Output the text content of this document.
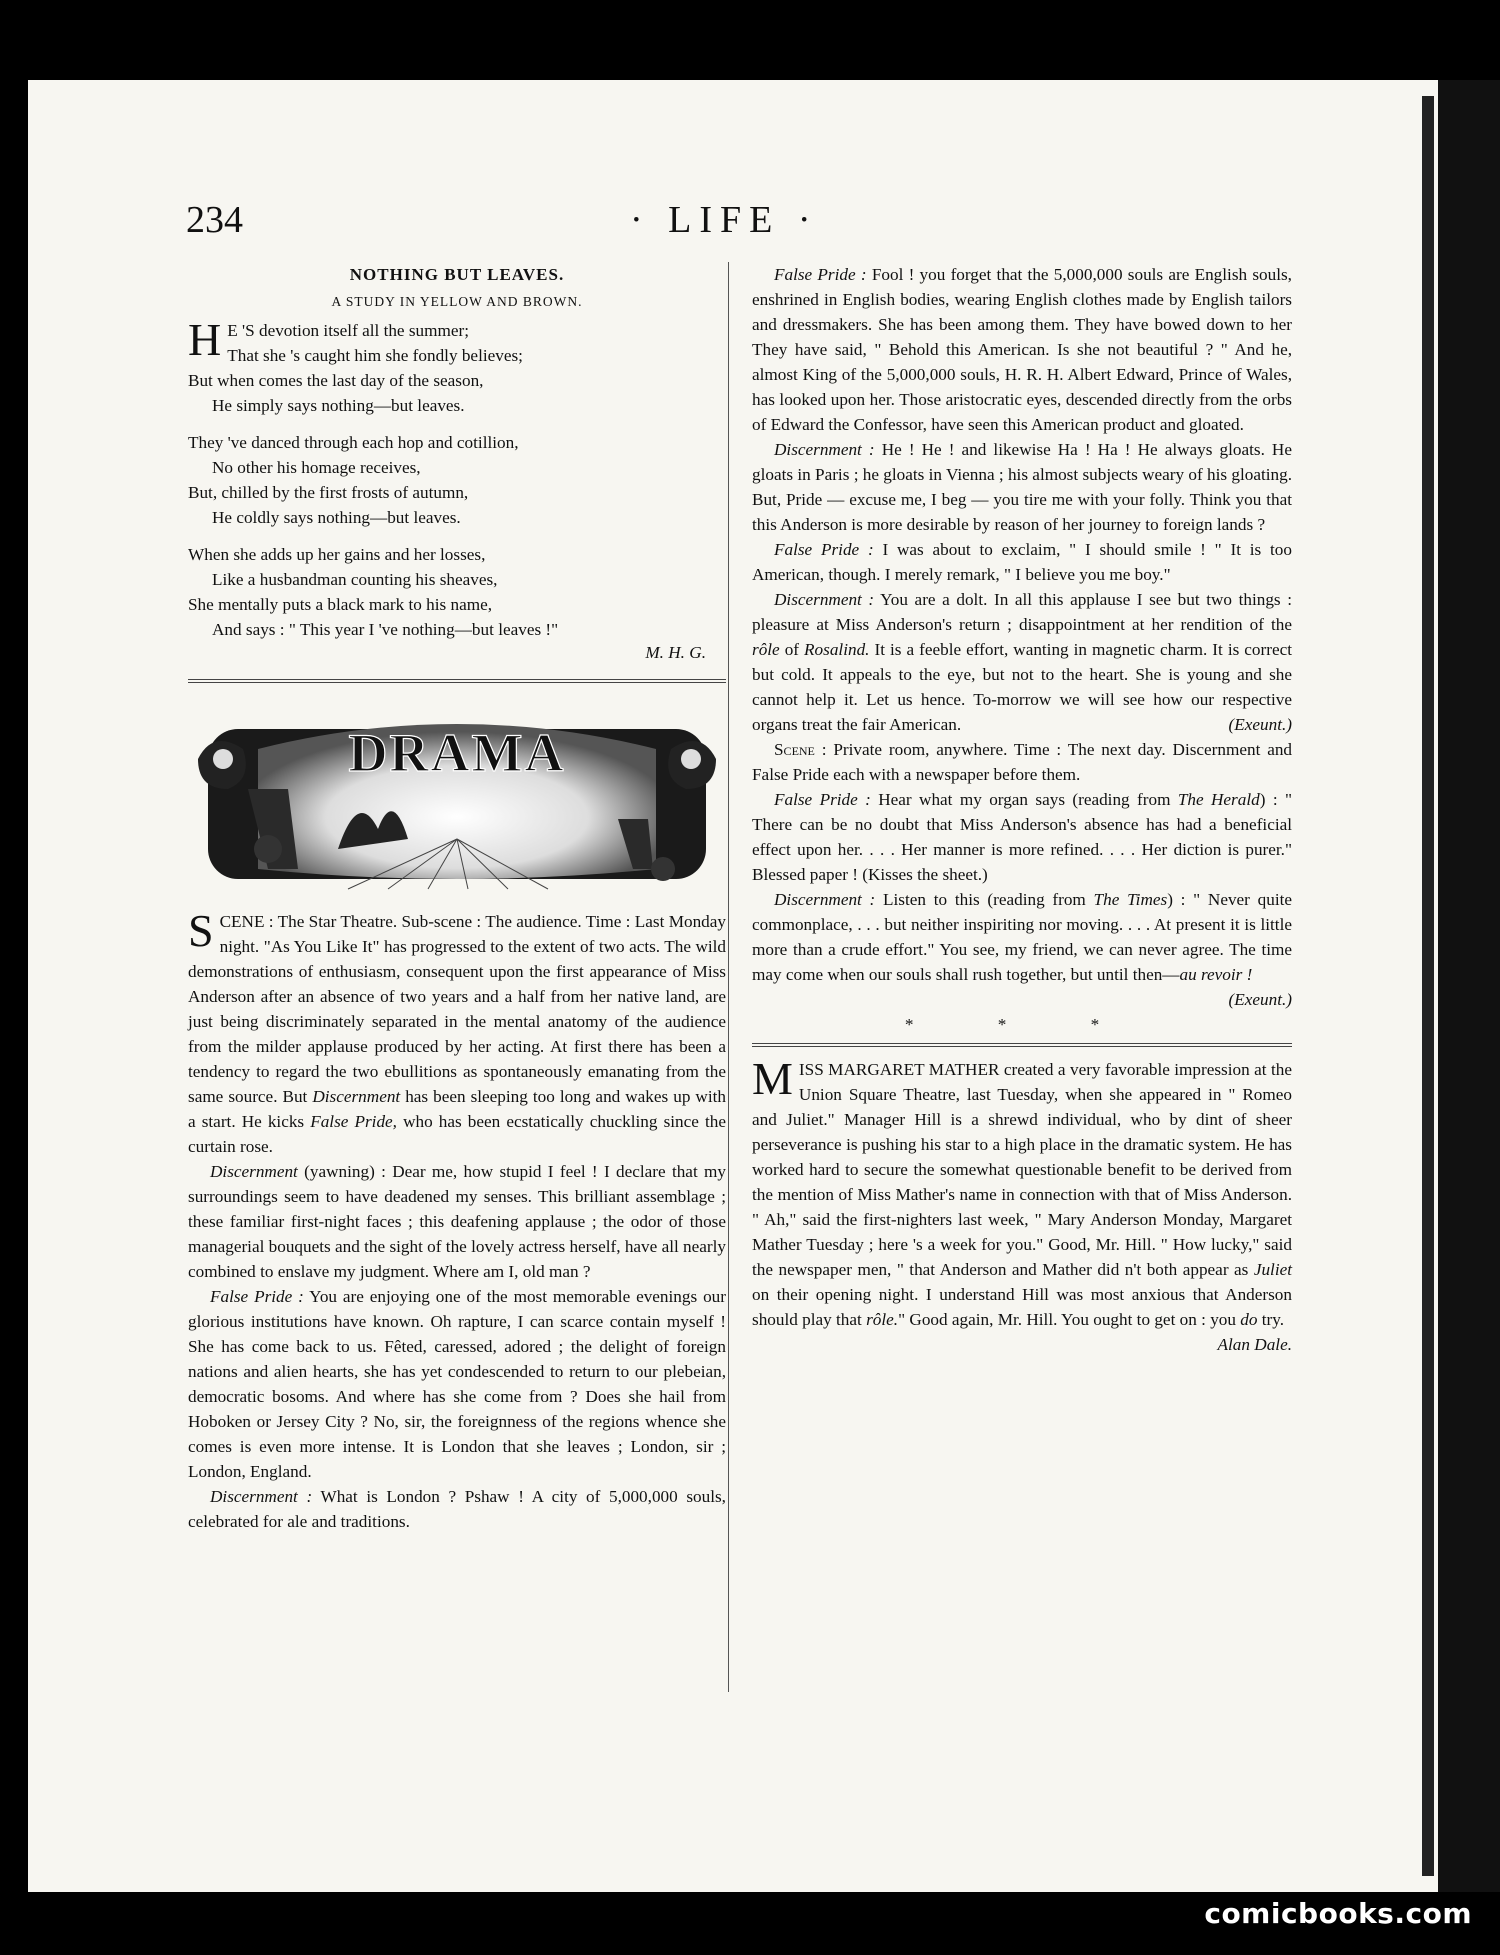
comicbooks.com
234	· LIFE ·
NOTHING BUT LEAVES.
A STUDY IN YELLOW AND BROWN.
H E 'S devotion itself all the summer;
That she 's caught him she fondly believes;
But when comes the last day of the season,
He simply says nothing—but leaves.
They 've danced through each hop and cotillion,
No other his homage receives,
But, chilled by the first frosts of autumn,
He coldly says nothing—but leaves.
When she adds up her gains and her losses,
Like a husbandman counting his sheaves,
She mentally puts a black mark to his name,
And says : " This year I 've nothing—but leaves !"
M. H. G.
DRAMA

SCENE : The Star Theatre. Sub-scene : The audience. Time : Last Monday night. "As You Like It" has progressed to the extent of two acts. The wild demonstrations of enthusiasm, consequent upon the first appearance of Miss Anderson after an absence of two years and a half from her native land, are just being discriminately separated in the mental anatomy of the audience from the milder applause produced by her acting. At first there has been a tendency to regard the two ebullitions as spontaneously emanating from the same source. But Discernment has been sleeping too long and wakes up with a start. He kicks False Pride, who has been ecstatically chuckling since the curtain rose.

Discernment (yawning) : Dear me, how stupid I feel ! I declare that my surroundings seem to have deadened my senses. This brilliant assemblage ; these familiar first-night faces ; this deafening applause ; the odor of those managerial bouquets and the sight of the lovely actress herself, have all nearly combined to enslave my judgment. Where am I, old man ?

False Pride : You are enjoying one of the most memorable evenings our glorious institutions have known. Oh rapture, I can scarce contain myself ! She has come back to us. Fêted, caressed, adored ; the delight of foreign nations and alien hearts, she has yet condescended to return to our plebeian, democratic bosoms. And where has she come from ? Does she hail from Hoboken or Jersey City ? No, sir, the foreignness of the regions whence she comes is even more intense. It is London that she leaves ; London, sir ; London, England.

Discernment : What is London ? Pshaw ! A city of 5,000,000 souls, celebrated for ale and traditions.

False Pride : Fool ! you forget that the 5,000,000 souls are English souls, enshrined in English bodies, wearing English clothes made by English tailors and dressmakers. She has been among them. They have bowed down to her They have said, " Behold this American. Is she not beautiful ? " And he, almost King of the 5,000,000 souls, H. R. H. Albert Edward, Prince of Wales, has looked upon her. Those aristocratic eyes, descended directly from the orbs of Edward the Confessor, have seen this American product and gloated.

Discernment : He ! He ! and likewise Ha ! Ha ! He always gloats. He gloats in Paris ; he gloats in Vienna ; his almost subjects weary of his gloating. But, Pride — excuse me, I beg — you tire me with your folly. Think you that this Anderson is more desirable by reason of her journey to foreign lands ?

False Pride : I was about to exclaim, " I should smile ! " It is too American, though. I merely remark, " I believe you me boy."

Discernment : You are a dolt. In all this applause I see but two things : pleasure at Miss Anderson's return ; disappointment at her rendition of the rôle of Rosalind. It is a feeble effort, wanting in magnetic charm. It is correct but cold. It appeals to the eye, but not to the heart. She is young and she cannot help it. Let us hence. To-morrow we will see how our respective organs treat the fair American.	(Exeunt.)

Scene : Private room, anywhere. Time : The next day. Discernment and False Pride each with a newspaper before them.

False Pride : Hear what my organ says (reading from The Herald) : " There can be no doubt that Miss Anderson's absence has had a beneficial effect upon her. . . . Her manner is more refined. . . . Her diction is purer." Blessed paper ! (Kisses the sheet.)

Discernment : Listen to this (reading from The Times) : " Never quite commonplace, . . . but neither inspiriting nor moving. . . . At present it is little more than a crude effort." You see, my friend, we can never agree. The time may come when our souls shall rush together, but until then—au revoir !
(Exeunt.)

* * *

MISS MARGARET MATHER created a very favorable impression at the Union Square Theatre, last Tuesday, when she appeared in " Romeo and Juliet." Manager Hill is a shrewd individual, who by dint of sheer perseverance is pushing his star to a high place in the dramatic system. He has worked hard to secure the somewhat questionable benefit to be derived from the mention of Miss Mather's name in connection with that of Miss Anderson. " Ah," said the first-nighters last week, " Mary Anderson Monday, Margaret Mather Tuesday ; here 's a week for you." Good, Mr. Hill. " How lucky," said the newspaper men, " that Anderson and Mather did n't both appear as Juliet on their opening night. I understand Hill was most anxious that Anderson should play that rôle." Good again, Mr. Hill. You ought to get on : you do try.
Alan Dale.
